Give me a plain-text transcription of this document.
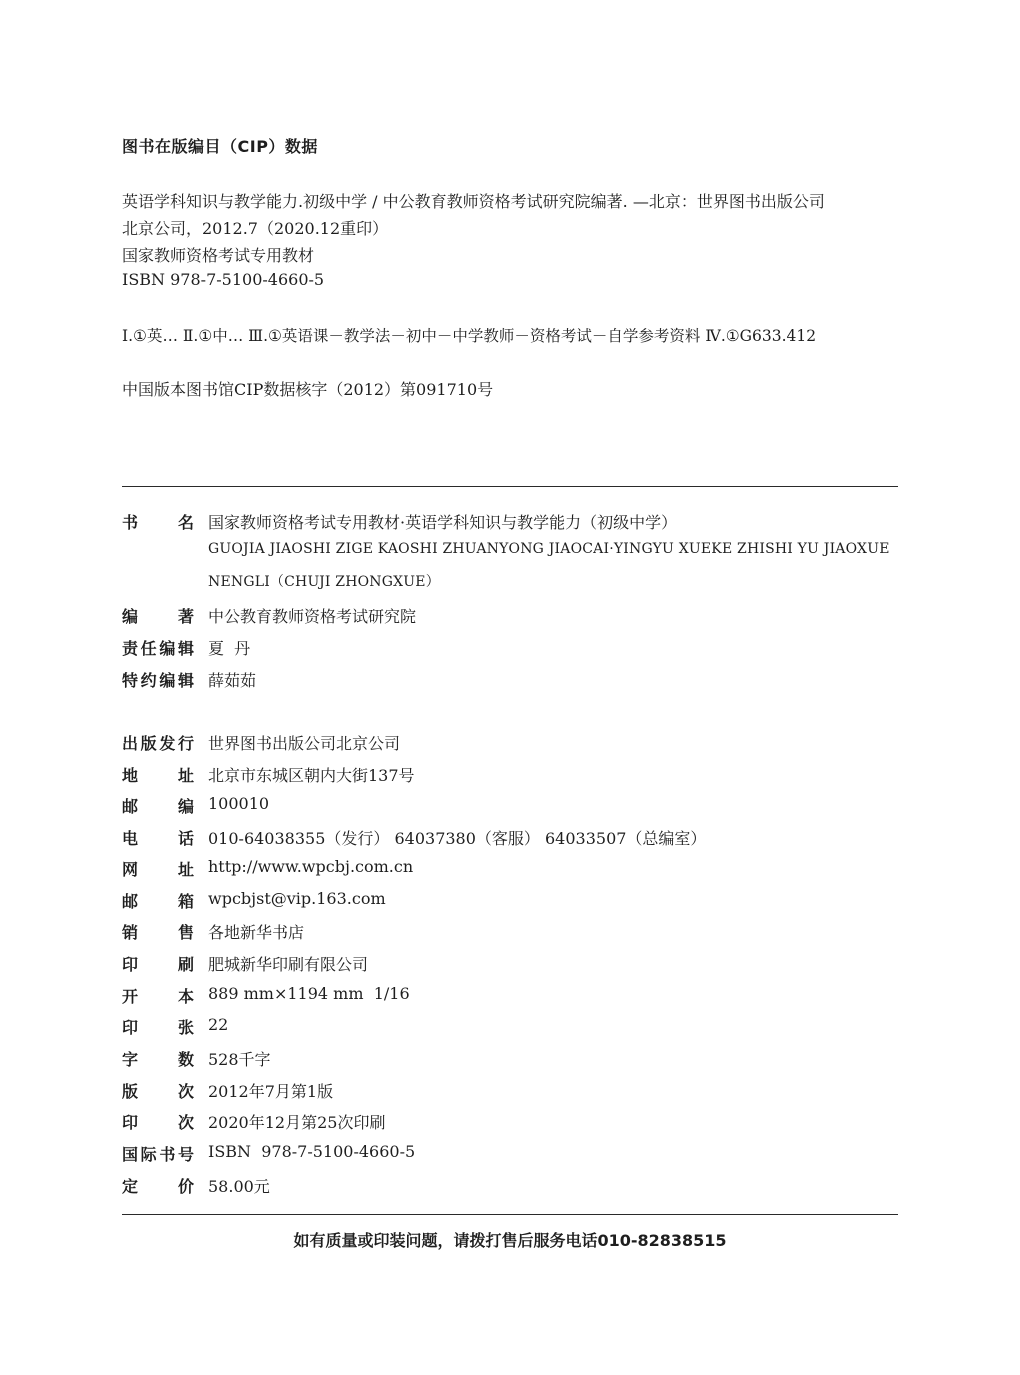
图书在版编目（CIP）数据
英语学科知识与教学能力.初级中学 / 中公教育教师资格考试研究院编著. —北京：世界图书出版公司
北京公司，2012.7（2020.12重印）
国家教师资格考试专用教材
ISBN 978-7-5100-4660-5
Ⅰ.①英… Ⅱ.①中… Ⅲ.①英语课－教学法－初中－中学教师－资格考试－自学参考资料 Ⅳ.①G633.412
中国版本图书馆CIP数据核字（2012）第091710号
书名 国家教师资格考试专用教材·英语学科知识与教学能力（初级中学）
GUOJIA JIAOSHI ZIGE KAOSHI ZHUANYONG JIAOCAI·YINGYU XUEKE ZHISHI YU JIAOXUE
NENGLI（CHUJI ZHONGXUE）
编著 中公教育教师资格考试研究院
责任编辑 夏  丹
特约编辑 薛茹茹
出版发行 世界图书出版公司北京公司
地址 北京市东城区朝内大街137号
邮编 100010
电话 010-64038355（发行） 64037380（客服） 64033507（总编室）
网址 http://www.wpcbj.com.cn
邮箱 wpcbjst@vip.163.com
销售 各地新华书店
印刷 肥城新华印刷有限公司
开本 889 mm×1194 mm  1/16
印张 22
字数 528千字
版次 2012年7月第1版
印次 2020年12月第25次印刷
国际书号 ISBN  978-7-5100-4660-5
定价 58.00元
如有质量或印装问题，请拨打售后服务电话010-82838515
